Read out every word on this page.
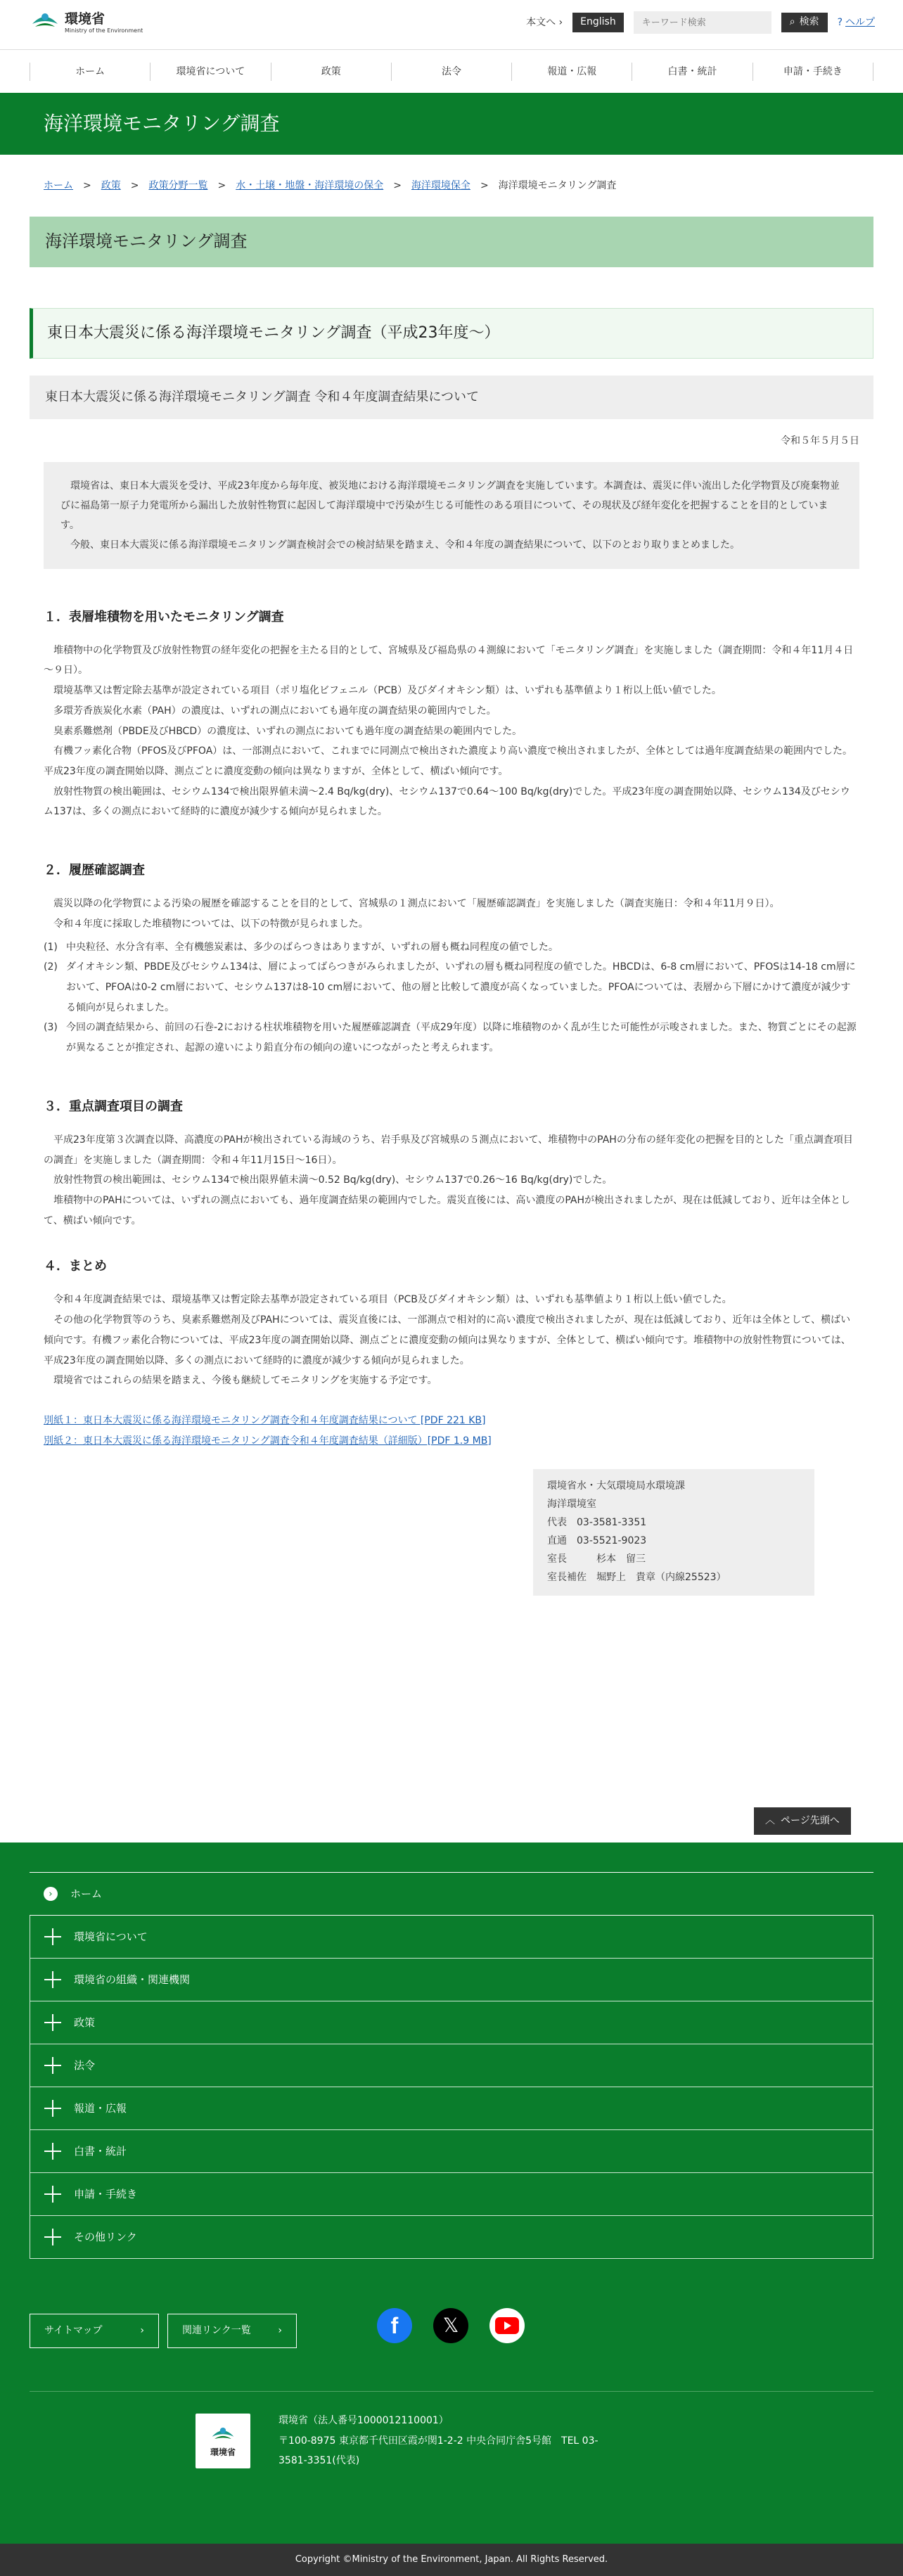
環境省
Ministry of the Environment
本文へ ›	English
キーワード検索	⌕ 検索 ? ヘルプ
ホーム	環境省について	政策	法令	報道・広報	白書・統計	申請・手続き
海洋環境モニタリング調査
ホーム > 政策 > 政策分野一覧 > 水・土壌・地盤・海洋環境の保全 > 海洋環境保全 > 海洋環境モニタリング調査
海洋環境モニタリング調査
東日本大震災に係る海洋環境モニタリング調査（平成23年度～）
東日本大震災に係る海洋環境モニタリング調査 令和４年度調査結果について
令和５年５月５日

環境省は、東日本大震災を受け、平成23年度から毎年度、被災地における海洋環境モニタリング調査を実施しています。本調査は、震災に伴い流出した化学物質及び廃棄物並びに福島第一原子力発電所から漏出した放射性物質に起因して海洋環境中で汚染が生じる可能性のある項目について、その現状及び経年変化を把握することを目的としています。

今般、東日本大震災に係る海洋環境モニタリング調査検討会での検討結果を踏まえ、令和４年度の調査結果について、以下のとおり取りまとめました。

１．表層堆積物を用いたモニタリング調査

堆積物中の化学物質及び放射性物質の経年変化の把握を主たる目的として、宮城県及び福島県の４測線において「モニタリング調査」を実施しました（調査期間：令和４年11月４日～９日）。

環境基準又は暫定除去基準が設定されている項目（ポリ塩化ビフェニル（PCB）及びダイオキシン類）は、いずれも基準値より１桁以上低い値でした。

多環芳香族炭化水素（PAH）の濃度は、いずれの測点においても過年度の調査結果の範囲内でした。

臭素系難燃剤（PBDE及びHBCD）の濃度は、いずれの測点においても過年度の調査結果の範囲内でした。

有機フッ素化合物（PFOS及びPFOA）は、一部測点において、これまでに同測点で検出された濃度より高い濃度で検出されましたが、全体としては過年度調査結果の範囲内でした。平成23年度の調査開始以降、測点ごとに濃度変動の傾向は異なりますが、全体として、横ばい傾向です。

放射性物質の検出範囲は、セシウム134で検出限界値未満～2.4 Bq/kg(dry)、セシウム137で0.64～100 Bq/kg(dry)でした。平成23年度の調査開始以降、セシウム134及びセシウム137は、多くの測点において経時的に濃度が減少する傾向が見られました。

２．履歴確認調査

震災以降の化学物質による汚染の履歴を確認することを目的として、宮城県の１測点において「履歴確認調査」を実施しました（調査実施日：令和４年11月９日）。

令和４年度に採取した堆積物については、以下の特徴が見られました。

(1) 中央粒径、水分含有率、全有機態炭素は、多少のばらつきはありますが、いずれの層も概ね同程度の値でした。
(2) ダイオキシン類、PBDE及びセシウム134は、層によってばらつきがみられましたが、いずれの層も概ね同程度の値でした。HBCDは、6-8 cm層において、PFOSは14-18 cm層において、PFOAは0-2 cm層において、セシウム137は8-10 cm層において、他の層と比較して濃度が高くなっていました。PFOAについては、表層から下層にかけて濃度が減少する傾向が見られました。
(3) 今回の調査結果から、前回の石巻-2における柱状堆積物を用いた履歴確認調査（平成29年度）以降に堆積物のかく乱が生じた可能性が示唆されました。また、物質ごとにその起源が異なることが推定され、起源の違いにより鉛直分布の傾向の違いにつながったと考えられます。
３．重点調査項目の調査

平成23年度第３次調査以降、高濃度のPAHが検出されている海域のうち、岩手県及び宮城県の５測点において、堆積物中のPAHの分布の経年変化の把握を目的とした「重点調査項目の調査」を実施しました（調査期間：令和４年11月15日～16日）。

放射性物質の検出範囲は、セシウム134で検出限界値未満～0.52 Bq/kg(dry)、セシウム137で0.26～16 Bq/kg(dry)でした。

堆積物中のPAHについては、いずれの測点においても、過年度調査結果の範囲内でした。震災直後には、高い濃度のPAHが検出されましたが、現在は低減しており、近年は全体として、横ばい傾向です。

４．まとめ

令和４年度調査結果では、環境基準又は暫定除去基準が設定されている項目（PCB及びダイオキシン類）は、いずれも基準値より１桁以上低い値でした。

その他の化学物質等のうち、臭素系難燃剤及びPAHについては、震災直後には、一部測点で相対的に高い濃度で検出されましたが、現在は低減しており、近年は全体として、横ばい傾向です。有機フッ素化合物については、平成23年度の調査開始以降、測点ごとに濃度変動の傾向は異なりますが、全体として、横ばい傾向です。堆積物中の放射性物質については、平成23年度の調査開始以降、多くの測点において経時的に濃度が減少する傾向が見られました。

環境省ではこれらの結果を踏まえ、今後も継続してモニタリングを実施する予定です。

別紙１：東日本大震災に係る海洋環境モニタリング調査令和４年度調査結果について [PDF 221 KB]
別紙２：東日本大震災に係る海洋環境モニタリング調査令和４年度調査結果（詳細版）[PDF 1.9 MB]
環境省水・大気環境局水環境課
海洋環境室
代表　03-3581-3351
直通　03-5521-9023
室長　　　杉本　留三
室長補佐　堀野上　貴章（内線25523）
︿ ページ先頭へ
›	ホーム
環境省について
環境省の組織・関連機関
政策
法令
報道・広報
白書・統計
申請・手続き
その他リンク
サイトマップ	›	関連リンク一覧	›	f 𝕏
環境省
環境省（法人番号1000012110001）
〒100-8975 東京都千代田区霞が関1-2-2 中央合同庁舎5号館　TEL 03-3581-3351(代表)
Copyright ©Ministry of the Environment, Japan. All Rights Reserved.
